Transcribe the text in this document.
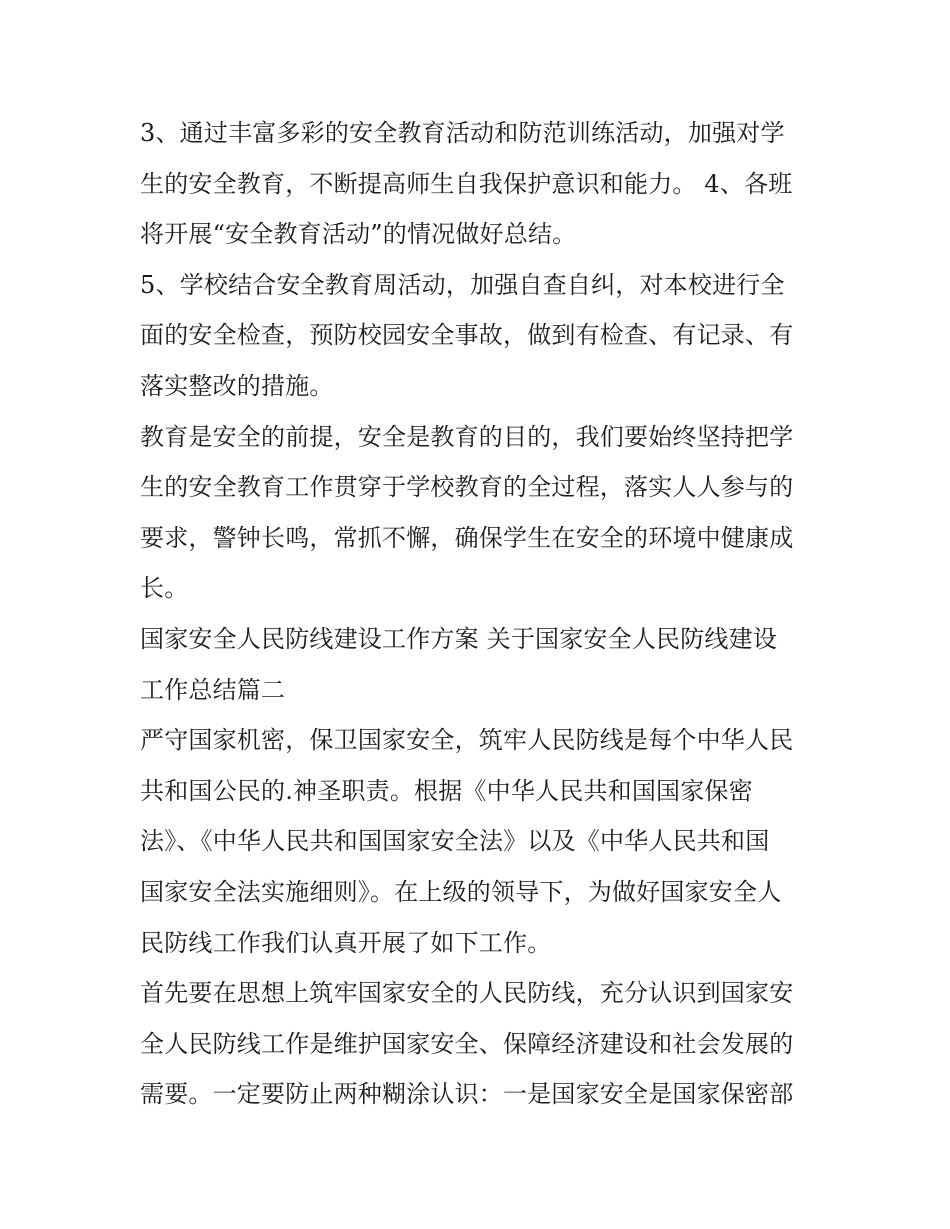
3、通过丰富多彩的安全教育活动和防范训练活动，加强对学
生的安全教育，不断提高师生自我保护意识和能力。 4、各班
将开展“安全教育活动”的情况做好总结。
5、学校结合安全教育周活动，加强自查自纠，对本校进行全
面的安全检查，预防校园安全事故，做到有检查、有记录、有
落实整改的措施。
教育是安全的前提，安全是教育的目的，我们要始终坚持把学
生的安全教育工作贯穿于学校教育的全过程，落实人人参与的
要求，警钟长鸣，常抓不懈，确保学生在安全的环境中健康成
长。
国家安全人民防线建设工作方案 关于国家安全人民防线建设
工作总结篇二
严守国家机密，保卫国家安全，筑牢人民防线是每个中华人民
共和国公民的.神圣职责。根据《中华人民共和国国家保密
法》、《中华人民共和国国家安全法》以及《中华人民共和国
国家安全法实施细则》。在上级的领导下，为做好国家安全人
民防线工作我们认真开展了如下工作。
首先要在思想上筑牢国家安全的人民防线，充分认识到国家安
全人民防线工作是维护国家安全、保障经济建设和社会发展的
需要。一定要防止两种糊涂认识：一是国家安全是国家保密部
